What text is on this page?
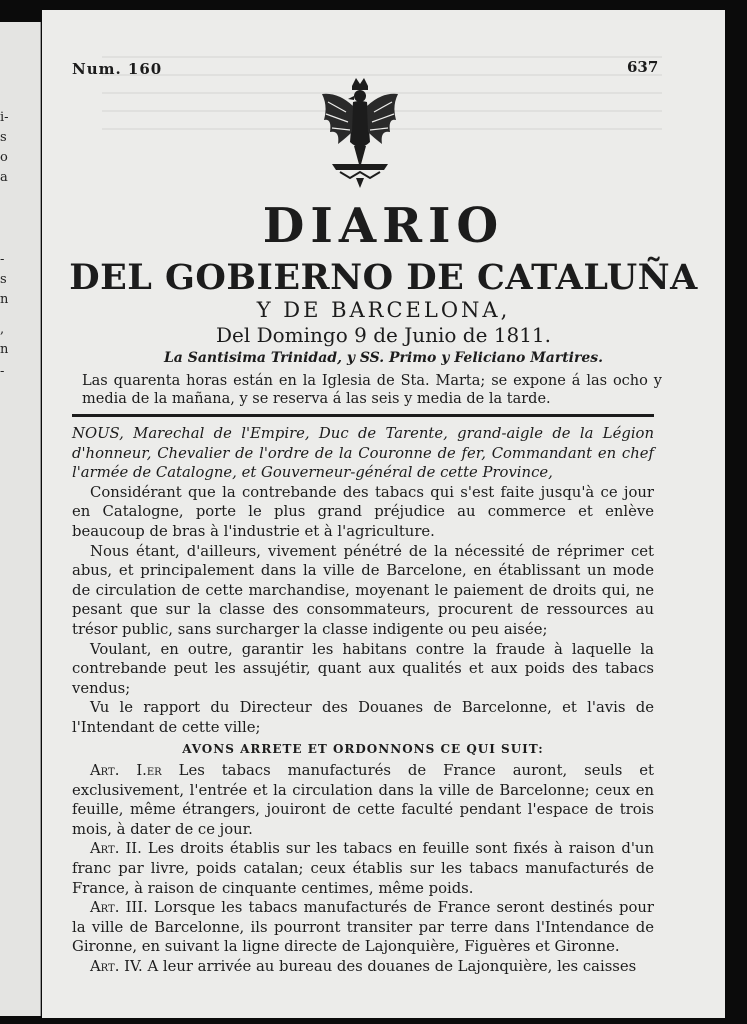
i-
s
o
a
-
s
n
,
n
-
Num. 160	637
DIARIO
DEL GOBIERNO DE CATALUÑA
Y DE BARCELONA,
Del Domingo 9 de Junio de 1811.
La Santisima Trinidad, y SS. Primo y Feliciano Martires.
Las quarenta horas están en la Iglesia de Sta. Marta; se expone á las ocho y media de la mañana, y se reserva á las seis y media de la tarde.

NOUS, Marechal de l'Empire, Duc de Tarente, grand-aigle de la Légion d'honneur, Chevalier de l'ordre de la Couronne de fer, Commandant en chef l'armée de Catalogne, et Gouverneur-général de cette Province,

Considérant que la contrebande des tabacs qui s'est faite jusqu'à ce jour en Catalogne, porte le plus grand préjudice au commerce et enlève beaucoup de bras à l'industrie et à l'agriculture.

Nous étant, d'ailleurs, vivement pénétré de la nécessité de réprimer cet abus, et principalement dans la ville de Barcelone, en établissant un mode de circulation de cette marchandise, moyenant le paiement de droits qui, ne pesant que sur la classe des consommateurs, procurent de ressources au trésor public, sans surcharger la classe indigente ou peu aisée;

Voulant, en outre, garantir les habitans contre la fraude à laquelle la contrebande peut les assujétir, quant aux qualités et aux poids des tabacs vendus;

Vu le rapport du Directeur des Douanes de Barcelonne, et l'avis de l'Intendant de cette ville;

AVONS ARRETE ET ORDONNONS CE QUI SUIT:

Art. I.er Les tabacs manufacturés de France auront, seuls et exclusivement, l'entrée et la circulation dans la ville de Barcelonne; ceux en feuille, même étrangers, jouiront de cette faculté pendant l'espace de trois mois, à dater de ce jour.

Art. II. Les droits établis sur les tabacs en feuille sont fixés à raison d'un franc par livre, poids catalan; ceux établis sur les tabacs manufacturés de France, à raison de cinquante centimes, même poids.

Art. III. Lorsque les tabacs manufacturés de France seront destinés pour la ville de Barcelonne, ils pourront transiter par terre dans l'Intendance de Gironne, en suivant la ligne directe de Lajonquière, Figuères et Gironne.

Art. IV. A leur arrivée au bureau des douanes de Lajonquière, les caisses
